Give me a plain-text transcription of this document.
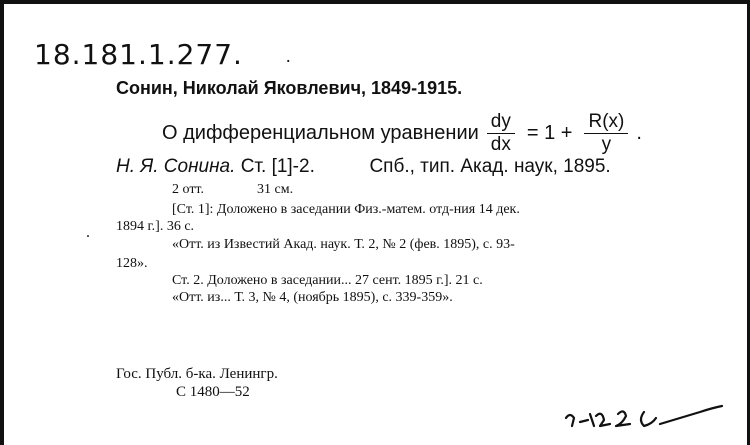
18.181.1.277. .
Сонин, Николай Яковлевич, 1849-1915.
О дифференциальном уравнении $\frac{dy}{dx} = 1 + \frac{R(x)}{y}$ .
Н. Я. Сонина. Ст. [1]-2.	Спб., тип. Акад. наук, 1895.
2 отт.	31 см.
[Ст. 1]: Доложено в заседании Физ.-матем. отд-ния 14 дек.
1894 г.]. 36 с.
.
«Отт. из Известий Акад. наук. Т. 2, № 2 (фев. 1895), с. 93-
128».
Ст. 2. Доложено в заседании... 27 сент. 1895 г.]. 21 с.
«Отт. из... Т. 3, № 4, (ноябрь 1895), с. 339-359».
Гос. Публ. б-ка. Ленингр.
С 1480—52
